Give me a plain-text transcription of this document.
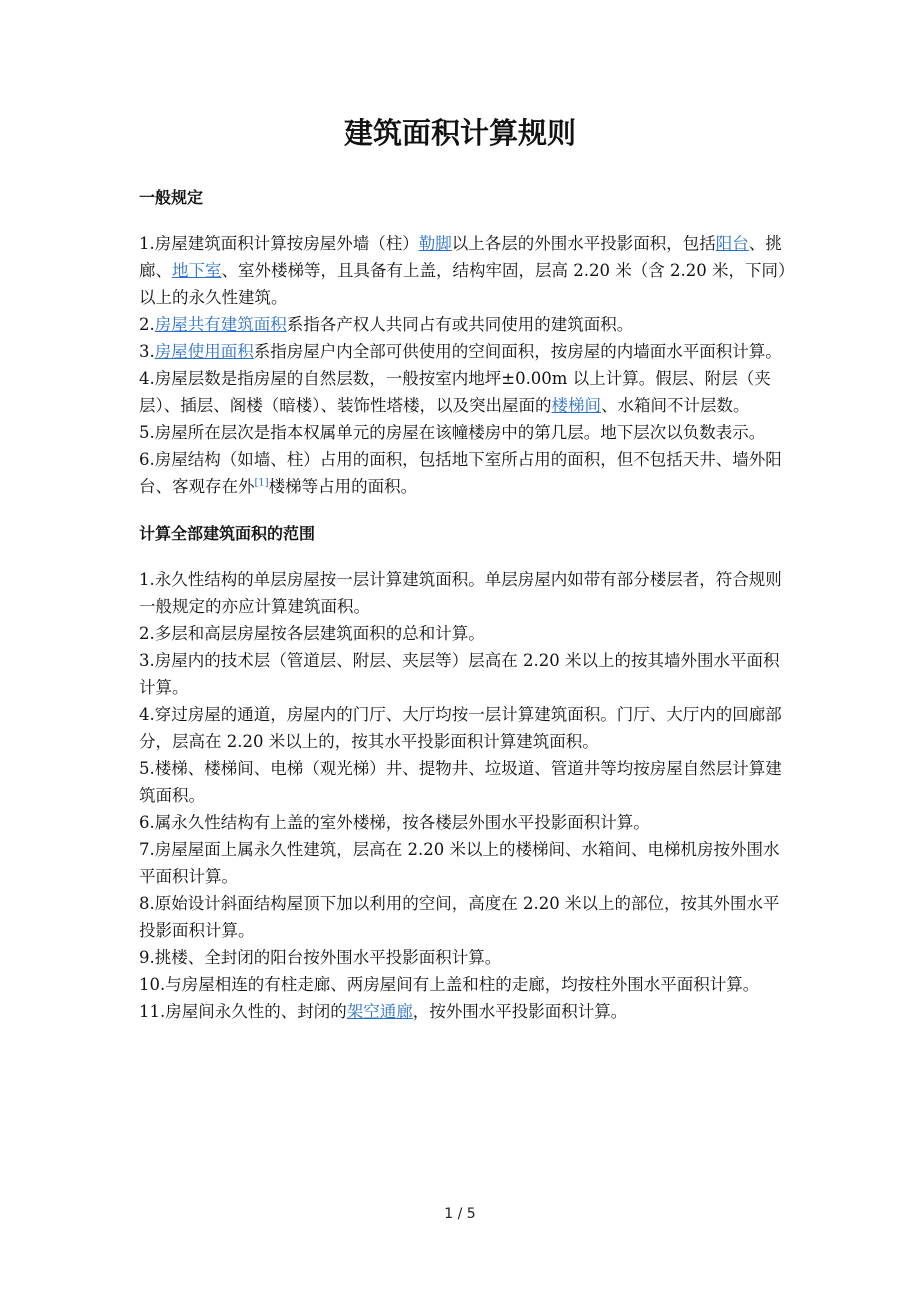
建筑面积计算规则
一般规定
1.房屋建筑面积计算按房屋外墙（柱）勒脚以上各层的外围水平投影面积，包括阳台、挑廊、地下室、室外楼梯等，且具备有上盖，结构牢固，层高 2.20 米（含 2.20 米，下同）以上的永久性建筑。
2.房屋共有建筑面积系指各产权人共同占有或共同使用的建筑面积。
3.房屋使用面积系指房屋户内全部可供使用的空间面积，按房屋的内墙面水平面积计算。
4.房屋层数是指房屋的自然层数，一般按室内地坪±0.00m 以上计算。假层、附层（夹层）、插层、阁楼（暗楼）、装饰性塔楼，以及突出屋面的楼梯间、水箱间不计层数。
5.房屋所在层次是指本权属单元的房屋在该幢楼房中的第几层。地下层次以负数表示。
6.房屋结构（如墙、柱）占用的面积，包括地下室所占用的面积，但不包括天井、墙外阳台、客观存在外[1]楼梯等占用的面积。
计算全部建筑面积的范围
1.永久性结构的单层房屋按一层计算建筑面积。单层房屋内如带有部分楼层者，符合规则一般规定的亦应计算建筑面积。
2.多层和高层房屋按各层建筑面积的总和计算。
3.房屋内的技术层（管道层、附层、夹层等）层高在 2.20 米以上的按其墙外围水平面积计算。
4.穿过房屋的通道，房屋内的门厅、大厅均按一层计算建筑面积。门厅、大厅内的回廊部分，层高在 2.20 米以上的，按其水平投影面积计算建筑面积。
5.楼梯、楼梯间、电梯（观光梯）井、提物井、垃圾道、管道井等均按房屋自然层计算建筑面积。
6.属永久性结构有上盖的室外楼梯，按各楼层外围水平投影面积计算。
7.房屋屋面上属永久性建筑，层高在 2.20 米以上的楼梯间、水箱间、电梯机房按外围水平面积计算。
8.原始设计斜面结构屋顶下加以利用的空间，高度在 2.20 米以上的部位，按其外围水平投影面积计算。
9.挑楼、全封闭的阳台按外围水平投影面积计算。
10.与房屋相连的有柱走廊、两房屋间有上盖和柱的走廊，均按柱外围水平面积计算。
11.房屋间永久性的、封闭的架空通廊，按外围水平投影面积计算。
1 / 5
